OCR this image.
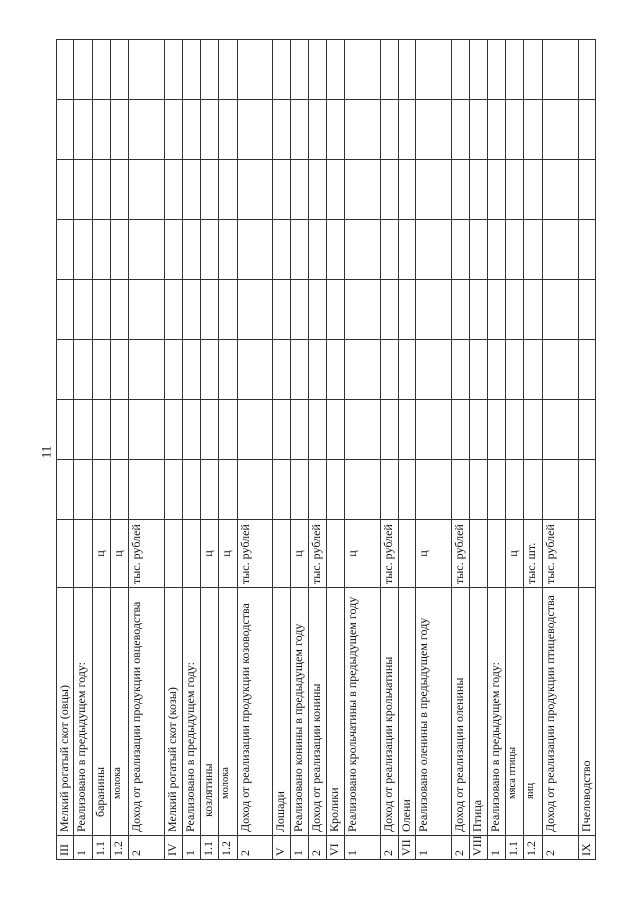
11
III	Мелкий рогатый скот (овцы)									
1	Реализовано в предыдущем году:									
1.1	баранины	ц								
1.2	молока	ц								
2	Доход от реализации продукции овцеводства	тыс. рублей								
IV	Мелкий рогатый скот (козы)									
1	Реализовано в предыдущем году:									
1.1	козлятины	ц								
1.2	молока	ц								
2	Доход от реализации продукции козоводства	тыс. рублей								
V	Лошади									
1	Реализовано конины в предыдущем году	ц								
2	Доход от реализации конины	тыс. рублей								
VI	Кролики									
1	Реализовано крольчатины в предыдущем году	ц								
2	Доход от реализации крольчатины	тыс. рублей								
VII	Олени									
1	Реализовано оленины в предыдущем году	ц								
2	Доход от реализации оленины	тыс. рублей								
VIII	Птица									
1	Реализовано в предыдущем году:									
1.1	мяса птицы	ц								
1.2	яиц	тыс. шт.								
2	Доход от реализации продукции птицеводства	тыс. рублей								
IX	Пчеловодство									
